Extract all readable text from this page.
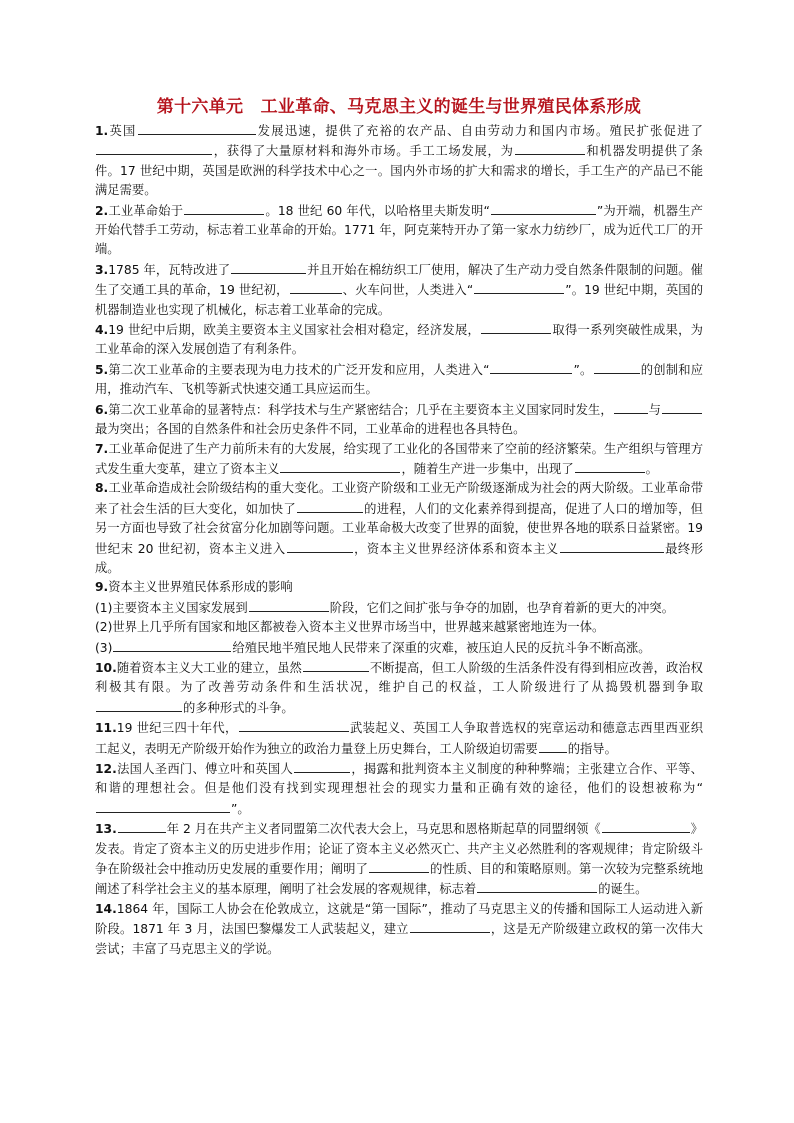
第十六单元　工业革命、马克思主义的诞生与世界殖民体系形成

1.英国	发展迅速，提供了充裕的农产品、自由劳动力和国内市场。殖民扩张促进了，获得了大量原材料和海外市场。手工工场发展，为	和机器发明提供了条件。17 世纪中期，英国是欧洲的科学技术中心之一。国内外市场的扩大和需求的增长，手工生产的产品已不能满足需要。

2.工业革命始于	。18 世纪 60 年代，以哈格里夫斯发明“	”为开端，机器生产开始代替手工劳动，标志着工业革命的开始。1771 年，阿克莱特开办了第一家水力纺纱厂，成为近代工厂的开端。

3.1785 年，瓦特改进了	并且开始在棉纺织工厂使用，解决了生产动力受自然条件限制的问题。催生了交通工具的革命，19 世纪初，	、火车问世，人类进入“	”。19 世纪中期，英国的机器制造业也实现了机械化，标志着工业革命的完成。

4.19 世纪中后期，欧美主要资本主义国家社会相对稳定，经济发展，	取得一系列突破性成果，为工业革命的深入发展创造了有利条件。

5.第二次工业革命的主要表现为电力技术的广泛开发和应用，人类进入“	”。	的创制和应用，推动汽车、飞机等新式快速交通工具应运而生。

6.第二次工业革命的显著特点：科学技术与生产紧密结合；几乎在主要资本主义国家同时发生，	与最为突出；各国的自然条件和社会历史条件不同，工业革命的进程也各具特色。

7.工业革命促进了生产力前所未有的大发展，给实现了工业化的各国带来了空前的经济繁荣。生产组织与管理方式发生重大变革，建立了资本主义	，随着生产进一步集中，出现了	。

8.工业革命造成社会阶级结构的重大变化。工业资产阶级和工业无产阶级逐渐成为社会的两大阶级。工业革命带来了社会生活的巨大变化，如加快了	的进程，人们的文化素养得到提高，促进了人口的增加等，但另一方面也导致了社会贫富分化加剧等问题。工业革命极大改变了世界的面貌，使世界各地的联系日益紧密。19 世纪末 20 世纪初，资本主义进入	，资本主义世界经济体系和资本主义	最终形成。

9.资本主义世界殖民体系形成的影响

(1)主要资本主义国家发展到	阶段，它们之间扩张与争夺的加剧，也孕育着新的更大的冲突。

(2)世界上几乎所有国家和地区都被卷入资本主义世界市场当中，世界越来越紧密地连为一体。

(3)	给殖民地半殖民地人民带来了深重的灾难，被压迫人民的反抗斗争不断高涨。

10.随着资本主义大工业的建立，虽然	不断提高，但工人阶级的生活条件没有得到相应改善，政治权利极其有限。为了改善劳动条件和生活状况，维护自己的权益，工人阶级进行了从捣毁机器到争取的多种形式的斗争。

11.19 世纪三四十年代，	武装起义、英国工人争取普选权的宪章运动和德意志西里西亚织工起义，表明无产阶级开始作为独立的政治力量登上历史舞台，工人阶级迫切需要 的指导。

12.法国人圣西门、傅立叶和英国人	，揭露和批判资本主义制度的种种弊端；主张建立合作、平等、和谐的理想社会。但是他们没有找到实现理想社会的现实力量和正确有效的途径，他们的设想被称为“”。

13.	年 2 月在共产主义者同盟第二次代表大会上，马克思和恩格斯起草的同盟纲领《	》发表。肯定了资本主义的历史进步作用；论证了资本主义必然灭亡、共产主义必然胜利的客观规律；肯定阶级斗争在阶级社会中推动历史发展的重要作用；阐明了	的性质、目的和策略原则。第一次较为完整系统地阐述了科学社会主义的基本原理，阐明了社会发展的客观规律，标志着	的诞生。

14.1864 年，国际工人协会在伦敦成立，这就是“第一国际”，推动了马克思主义的传播和国际工人运动进入新阶段。1871 年 3 月，法国巴黎爆发工人武装起义，建立	，这是无产阶级建立政权的第一次伟大尝试；丰富了马克思主义的学说。
